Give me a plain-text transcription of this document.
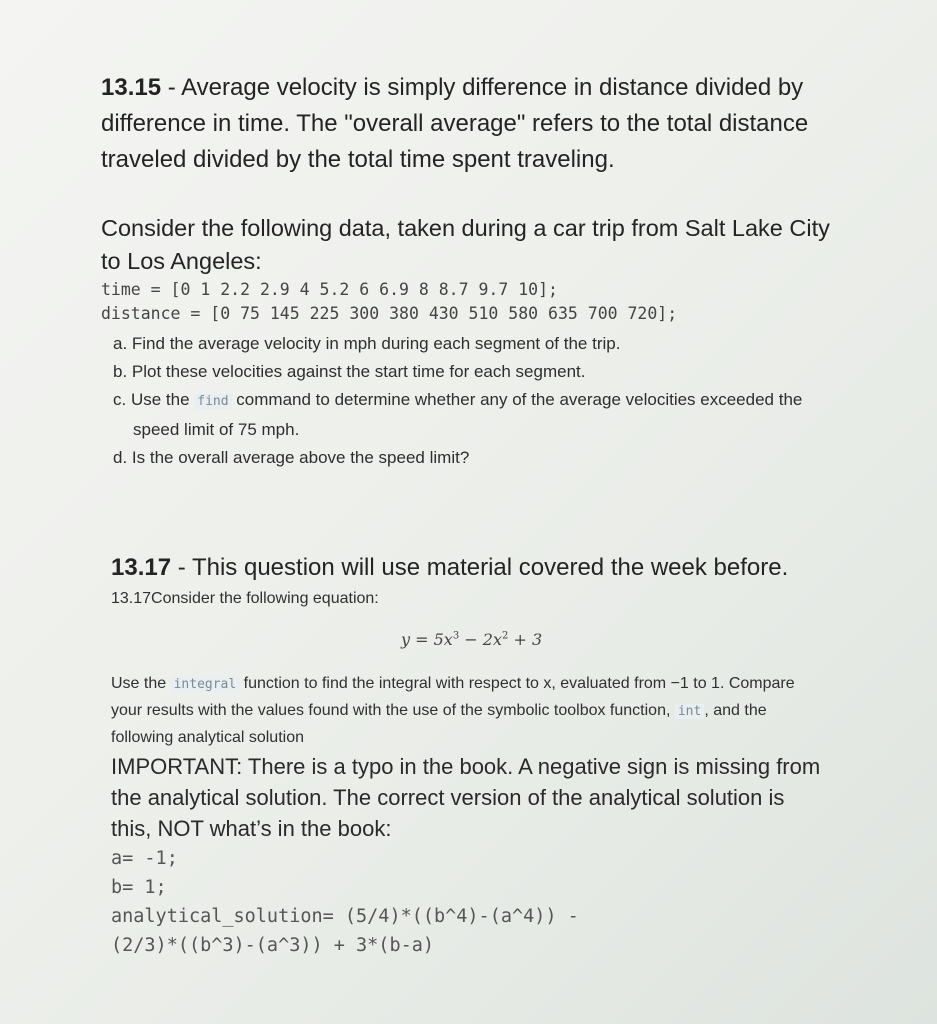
13.15 - Average velocity is simply difference in distance divided by

difference in time. The "overall average" refers to the total distance

traveled divided by the total time spent traveling.

Consider the following data, taken during a car trip from Salt Lake City

to Los Angeles:

time = [0 1 2.2 2.9 4 5.2 6 6.9 8 8.7 9.7 10];

distance = [0 75 145 225 300 380 430 510 580 635 700 720];

a. Find the average velocity in mph during each segment of the trip.
b. Plot these velocities against the start time for each segment.
c. Use the find command to determine whether any of the average velocities exceeded the
speed limit of 75 mph.
d. Is the overall average above the speed limit?

13.17 - This question will use material covered the week before.

13.17Consider the following equation:

$y = 5x^3 - 2x^2 + 3$

Use the integral function to find the integral with respect to x, evaluated from −1 to 1. Compare

your results with the values found with the use of the symbolic toolbox function, int , and the

following analytical solution

IMPORTANT: There is a typo in the book. A negative sign is missing from

the analytical solution. The correct version of the analytical solution is

this, NOT what’s in the book:

a= -1;

b= 1;

analytical_solution= (5/4)*((b^4)-(a^4)) -

(2/3)*((b^3)-(a^3)) + 3*(b-a)
